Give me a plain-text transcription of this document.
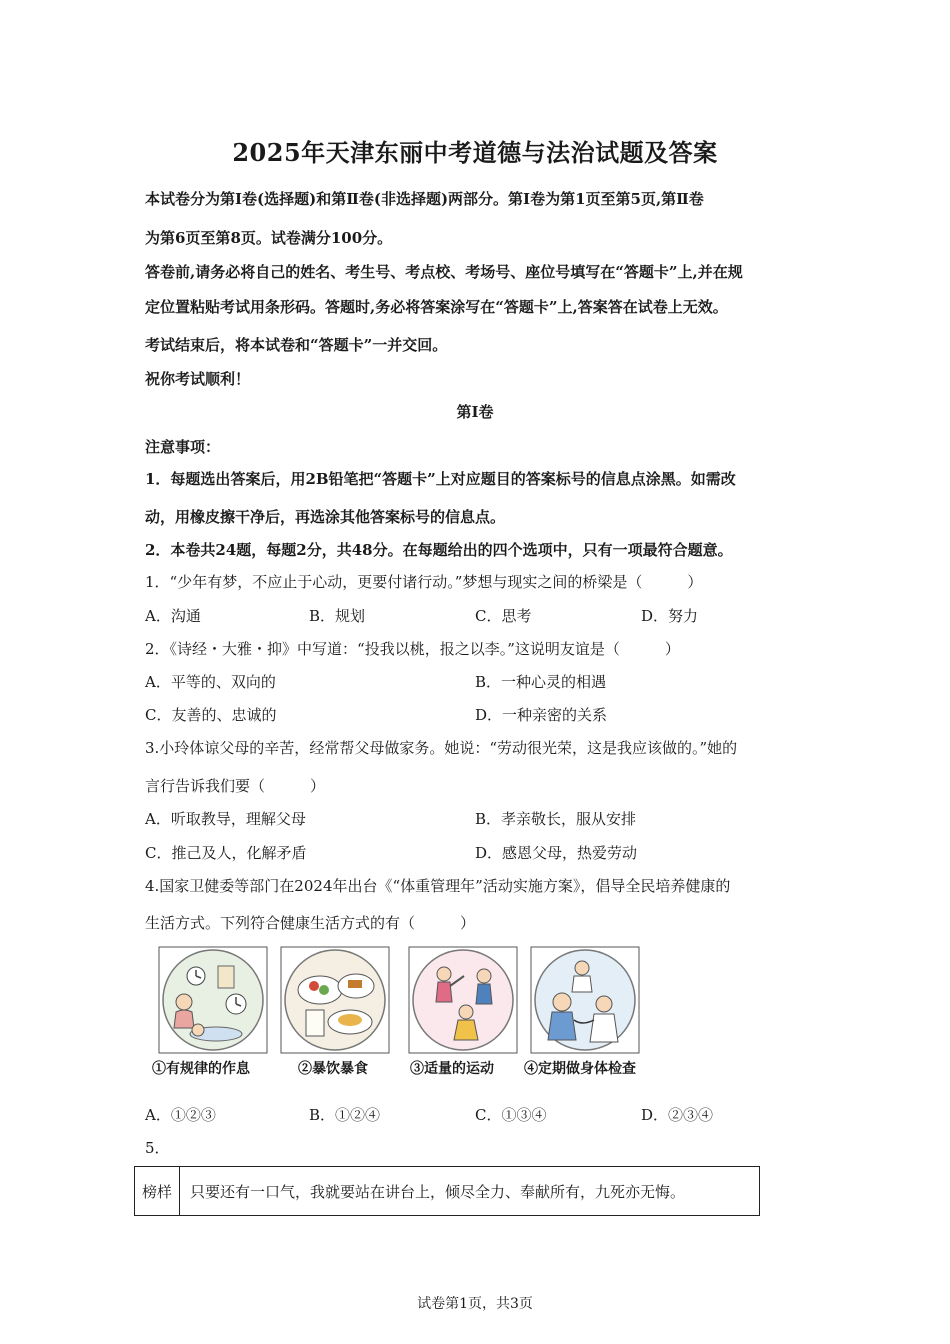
2025年天津东丽中考道德与法治试题及答案
本试卷分为第Ⅰ卷(选择题)和第Ⅱ卷(非选择题)两部分。第Ⅰ卷为第1页至第5页,第Ⅱ卷
为第6页至第8页。试卷满分100分。
答卷前,请务必将自己的姓名、考生号、考点校、考场号、座位号填写在“答题卡”上,并在规
定位置粘贴考试用条形码。答题时,务必将答案涂写在“答题卡”上,答案答在试卷上无效。
考试结束后，将本试卷和“答题卡”一并交回。
祝你考试顺利！
第Ⅰ卷
注意事项：
1．每题选出答案后，用2B铅笔把“答题卡”上对应题目的答案标号的信息点涂黑。如需改
动，用橡皮擦干净后，再选涂其他答案标号的信息点。
2．本卷共24题，每题2分，共48分。在每题给出的四个选项中，只有一项最符合题意。
1．“少年有梦，不应止于心动，更要付诸行动。”梦想与现实之间的桥梁是（　　　）
A．沟通	B．规划	C．思考	D．努力
2．《诗经・大雅・抑》中写道：“投我以桃，报之以李。”这说明友谊是（　　　）
A．平等的、双向的	B．一种心灵的相遇
C．友善的、忠诚的	D．一种亲密的关系
3.小玲体谅父母的辛苦，经常帮父母做家务。她说：“劳动很光荣，这是我应该做的。”她的
言行告诉我们要（　　　）
A．听取教导，理解父母	B．孝亲敬长，服从安排
C．推己及人，化解矛盾	D．感恩父母，热爱劳动
4.国家卫健委等部门在2024年出台《“体重管理年”活动实施方案》，倡导全民培养健康的
生活方式。下列符合健康生活方式的有（　　　）
①有规律的作息	②暴饮暴食	③适量的运动 ④定期做身体检查
A．①②③	B．①②④	C．①③④	D．②③④
5．
榜样	只要还有一口气，我就要站在讲台上，倾尽全力、奉献所有，九死亦无悔。
试卷第1页，共3页
